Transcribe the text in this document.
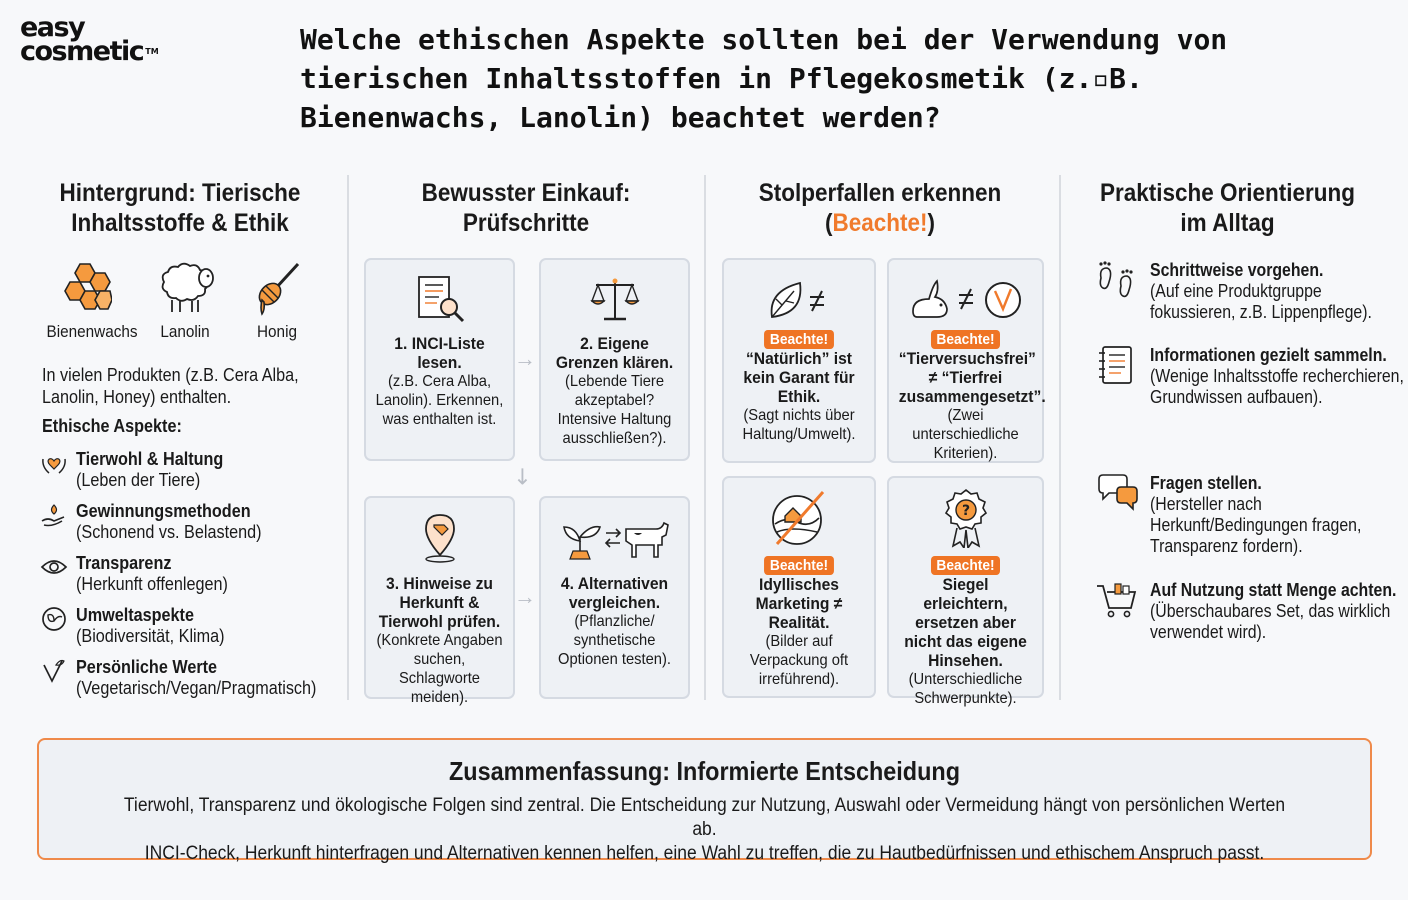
easy
cosmetic ™	Welche ethischen Aspekte sollten bei der Verwendung von tierischen Inhaltsstoffen in Pflegekosmetik (z.▫B. Bienenwachs, Lanolin) beachtet werden?
Hintergrund: Tierische
Inhaltsstoffe & Ethik
Bienenwachs	Lanolin	Honig
In vielen Produkten (z.B. Cera Alba, Lanolin, Honey) enthalten.
Ethische Aspekte:
Tierwohl & Haltung
(Leben der Tiere)
Gewinnungsmethoden
(Schonend vs. Belastend)
Transparenz
(Herkunft offenlegen)
Umweltaspekte
(Biodiversität, Klima)
Persönliche Werte
(Vegetarisch/Vegan/Pragmatisch)
Bewusster Einkauf:
Prüfschritte
1. INCI-Liste lesen.
(z.B. Cera Alba, Lanolin). Erkennen, was enthalten ist.
2. Eigene Grenzen klären.
(Lebende Tiere akzeptabel? Intensive Haltung ausschließen?).
3. Hinweise zu Herkunft & Tierwohl prüfen.
(Konkrete Angaben suchen, Schlagworte meiden).
4. Alternativen vergleichen.
(Pflanzliche/ synthetische Optionen testen).
→
↙
→
Stolperfallen erkennen
(Beachte!)
Beachte!
“Natürlich” ist kein Garant für Ethik.
(Sagt nichts über Haltung/Umwelt).
Beachte!
“Tierversuchsfrei” ≠ “Tierfrei zusammengesetzt”.
(Zwei unterschiedliche Kriterien).
Beachte!
Idyllisches Marketing ≠ Realität.
(Bilder auf Verpackung oft irreführend).
?
Beachte!
Siegel erleichtern, ersetzen aber nicht das eigene Hinsehen.
(Unterschiedliche Schwerpunkte).
Praktische Orientierung
im Alltag
Schrittweise vorgehen.
(Auf eine Produktgruppe fokussieren, z.B. Lippenpflege).
Informationen gezielt sammeln.
(Wenige Inhaltsstoffe recherchieren, Grundwissen aufbauen).
Fragen stellen.
(Hersteller nach Herkunft/Bedingungen fragen, Transparenz fordern).
Auf Nutzung statt Menge achten.
(Überschaubares Set, das wirklich verwendet wird).
Zusammenfassung: Informierte Entscheidung

Tierwohl, Transparenz und ökologische Folgen sind zentral. Die Entscheidung zur Nutzung, Auswahl oder Vermeidung hängt von persönlichen Werten ab.
INCI-Check, Herkunft hinterfragen und Alternativen kennen helfen, eine Wahl zu treffen, die zu Hautbedürfnissen und ethischem Anspruch passt.
